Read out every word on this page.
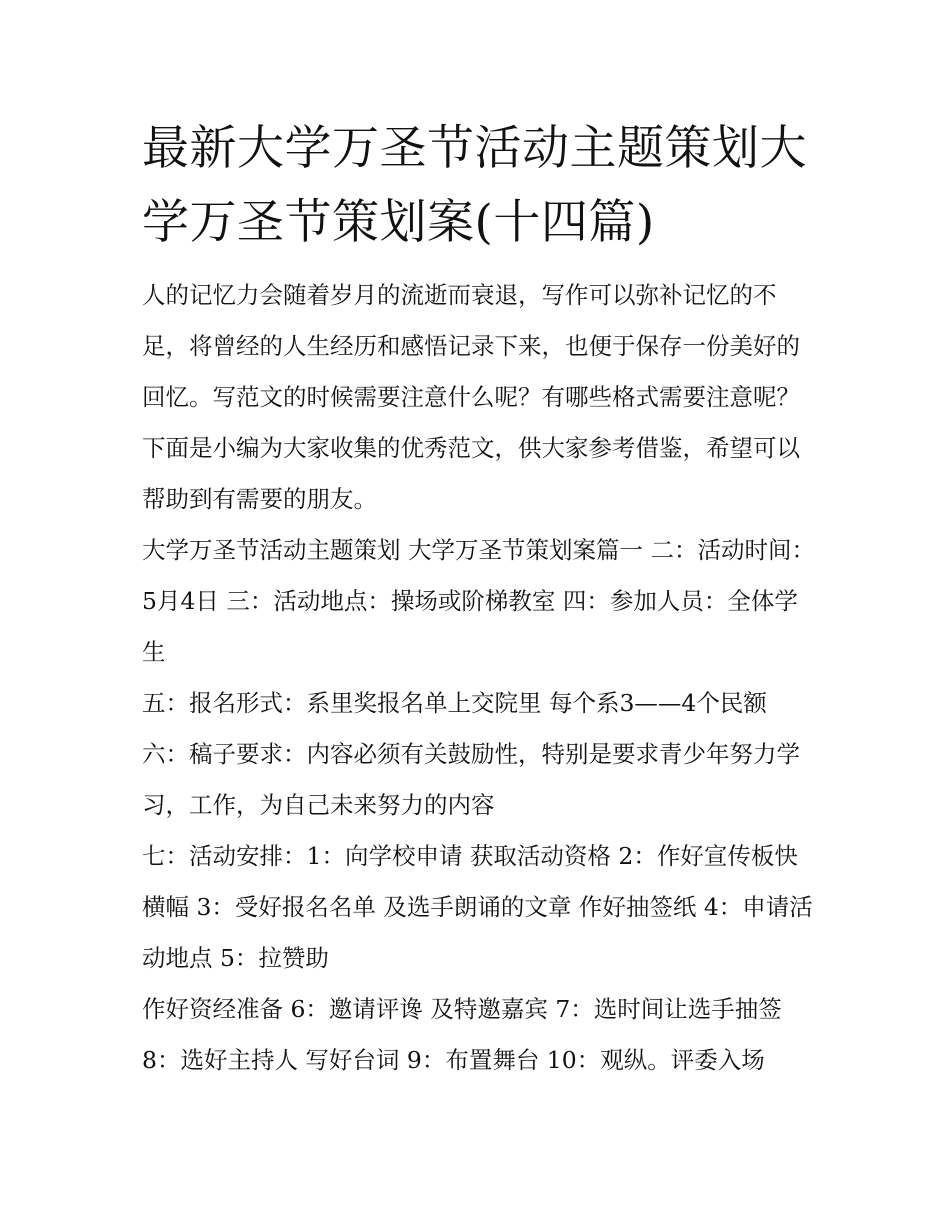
最新大学万圣节活动主题策划大学万圣节策划案(十四篇)

人的记忆力会随着岁月的流逝而衰退，写作可以弥补记忆的不足，将曾经的人生经历和感悟记录下来，也便于保存一份美好的回忆。写范文的时候需要注意什么呢？有哪些格式需要注意呢？下面是小编为大家收集的优秀范文，供大家参考借鉴，希望可以帮助到有需要的朋友。

大学万圣节活动主题策划 大学万圣节策划案篇一 二：活动时间：5月4日 三：活动地点：操场或阶梯教室 四：参加人员：全体学生

五：报名形式：系里奖报名单上交院里 每个系3——4个民额

六：稿子要求：内容必须有关鼓励性，特别是要求青少年努力学习，工作，为自己未来努力的内容

七：活动安排：1：向学校申请 获取活动资格 2：作好宣传板快 横幅 3：受好报名名单 及选手朗诵的文章 作好抽签纸 4：申请活动地点 5：拉赞助

作好资经准备 6：邀请评谗 及特邀嘉宾 7：选时间让选手抽签 8：选好主持人 写好台词 9：布置舞台 10：观纵。评委入场
